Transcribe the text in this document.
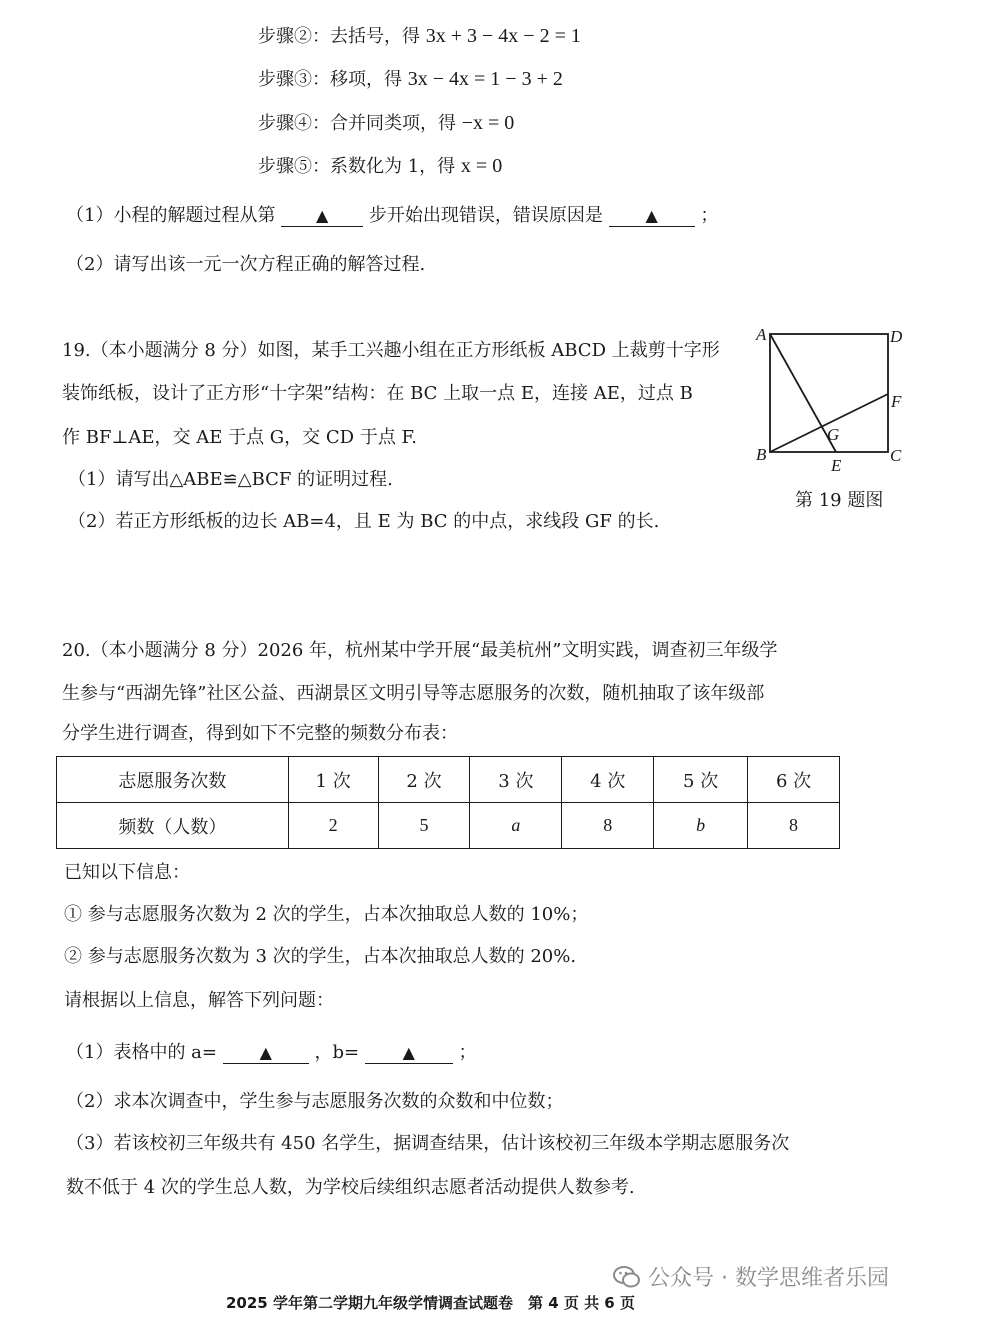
步骤②：去括号，得 3x + 3 − 4x − 2 = 1
步骤③：移项，得 3x − 4x = 1 − 3 + 2
步骤④：合并同类项，得 −x = 0
步骤⑤：系数化为 1，得 x = 0
（1）小程的解题过程从第	▲ 步开始出现错误，错误原因是	▲ ；
（2）请写出该一元一次方程正确的解答过程.
19.（本小题满分 8 分）如图，某手工兴趣小组在正方形纸板 ABCD 上裁剪十字形
装饰纸板，设计了正方形“十字架”结构：在 BC 上取一点 E，连接 AE，过点 B
作 BF⊥AE，交 AE 于点 G，交 CD 于点 F.
（1）请写出△ABE≌△BCF 的证明过程.
（2）若正方形纸板的边长 AB=4，且 E 为 BC 的中点，求线段 GF 的长.
A	D
F
G
B	C
E
第 19 题图
20.（本小题满分 8 分）2026 年，杭州某中学开展“最美杭州”文明实践，调查初三年级学
生参与“西湖先锋”社区公益、西湖景区文明引导等志愿服务的次数，随机抽取了该年级部
分学生进行调查，得到如下不完整的频数分布表：
志愿服务次数	1 次	2 次	3 次	4 次	5 次	6 次
频数（人数）	2	5	a	8	b	8
已知以下信息：
① 参与志愿服务次数为 2 次的学生，占本次抽取总人数的 10%；
② 参与志愿服务次数为 3 次的学生，占本次抽取总人数的 20%.
请根据以上信息，解答下列问题：
（1）表格中的 a=	▲ ，b=	▲ ；
（2）求本次调查中，学生参与志愿服务次数的众数和中位数；
（3）若该校初三年级共有 450 名学生，据调查结果，估计该校初三年级本学期志愿服务次
数不低于 4 次的学生总人数，为学校后续组织志愿者活动提供人数参考.
公众号 · 数学思维者乐园
2025 学年第二学期九年级学情调查试题卷　第 4 页 共 6 页
